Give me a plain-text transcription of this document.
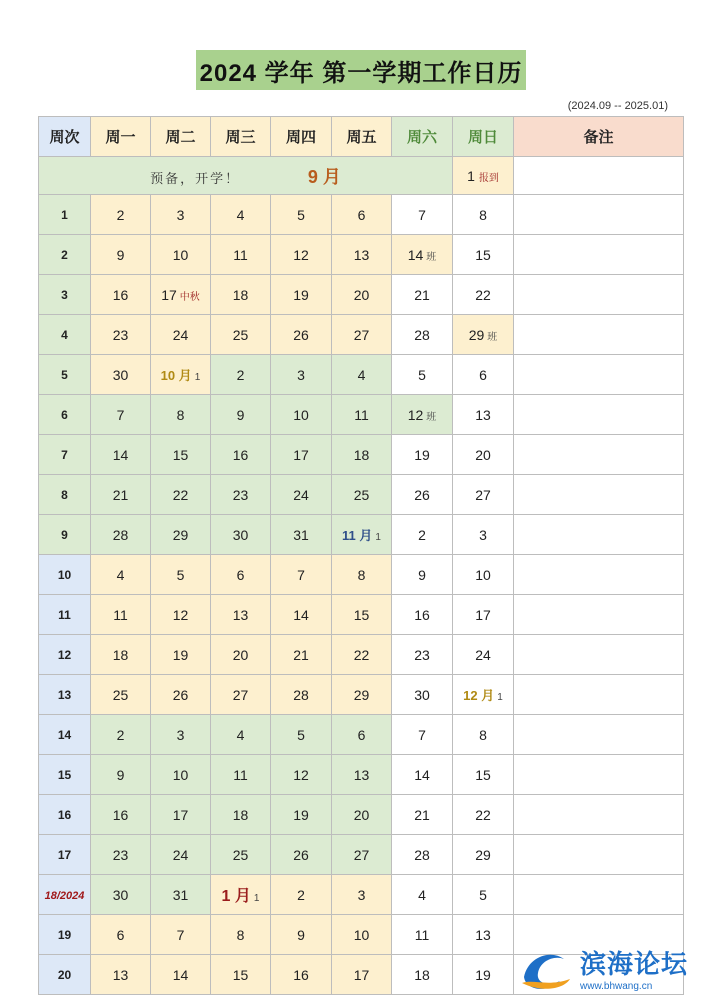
2024 学年 第一学期工作日历
(2024.09 -- 2025.01)
周次	周一	周二	周三	周四	周五	周六	周日	备注
预备，开学！ 9 月							1 报到	
1	2	3	4	5	6	7	8	
2	9	10	11	12	13	14 班	15	
3	16	17 中秋	18	19	20	21	22	
4	23	24	25	26	27	28	29 班	
5	30	10 月 1	2	3	4	5	6	
6	7	8	9	10	11	12 班	13	
7	14	15	16	17	18	19	20	
8	21	22	23	24	25	26	27	
9	28	29	30	31	11 月 1	2	3	
10	4	5	6	7	8	9	10	
11	11	12	13	14	15	16	17	
12	18	19	20	21	22	23	24	
13	25	26	27	28	29	30	12 月 1	
14	2	3	4	5	6	7	8	
15	9	10	11	12	13	14	15	
16	16	17	18	19	20	21	22	
17	23	24	25	26	27	28	29	
18/2024	30	31	1 月 1	2	3	4	5	
19	6	7	8	9	10	11	13	
20	13	14	15	16	17	18	19		滨海论坛
www.bhwang.cn
